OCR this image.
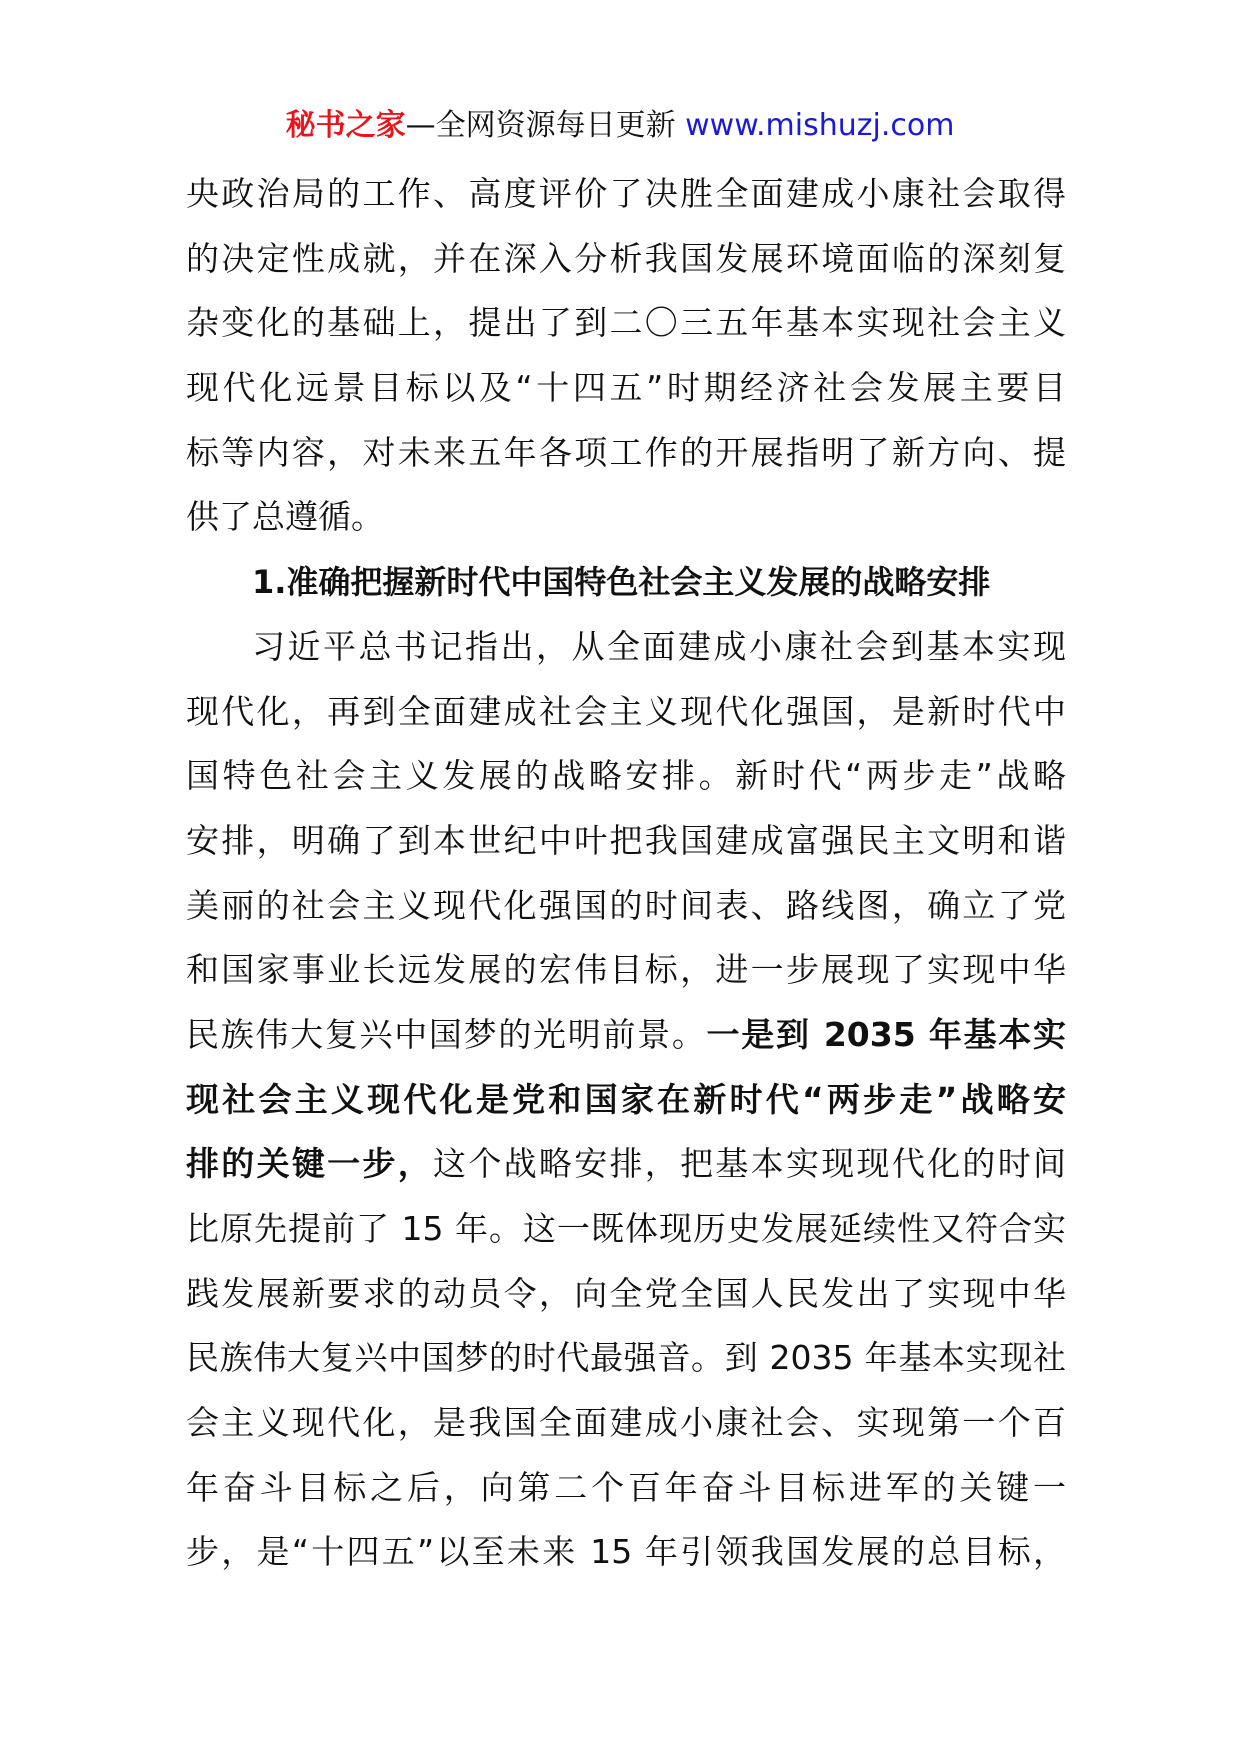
秘书之家—全网资源每日更新 www.mishuzj.com
央政治局的工作、高度评价了决胜全面建成小康社会取得
的决定性成就，并在深入分析我国发展环境面临的深刻复
杂变化的基础上，提出了到二〇三五年基本实现社会主义
现代化远景目标以及“十四五”时期经济社会发展主要目
标等内容，对未来五年各项工作的开展指明了新方向、提
供了总遵循。
1.准确把握新时代中国特色社会主义发展的战略安排
习近平总书记指出，从全面建成小康社会到基本实现
现代化，再到全面建成社会主义现代化强国，是新时代中
国特色社会主义发展的战略安排。新时代“两步走”战略
安排，明确了到本世纪中叶把我国建成富强民主文明和谐
美丽的社会主义现代化强国的时间表、路线图，确立了党
和国家事业长远发展的宏伟目标，进一步展现了实现中华
民族伟大复兴中国梦的光明前景。一是到 2035 年基本实
现社会主义现代化是党和国家在新时代“两步走”战略安
排的关键一步，这个战略安排，把基本实现现代化的时间
比原先提前了 15 年。这一既体现历史发展延续性又符合实
践发展新要求的动员令，向全党全国人民发出了实现中华
民族伟大复兴中国梦的时代最强音。到 2035 年基本实现社
会主义现代化，是我国全面建成小康社会、实现第一个百
年奋斗目标之后，向第二个百年奋斗目标进军的关键一
步，是“十四五”以至未来 15 年引领我国发展的总目标，
